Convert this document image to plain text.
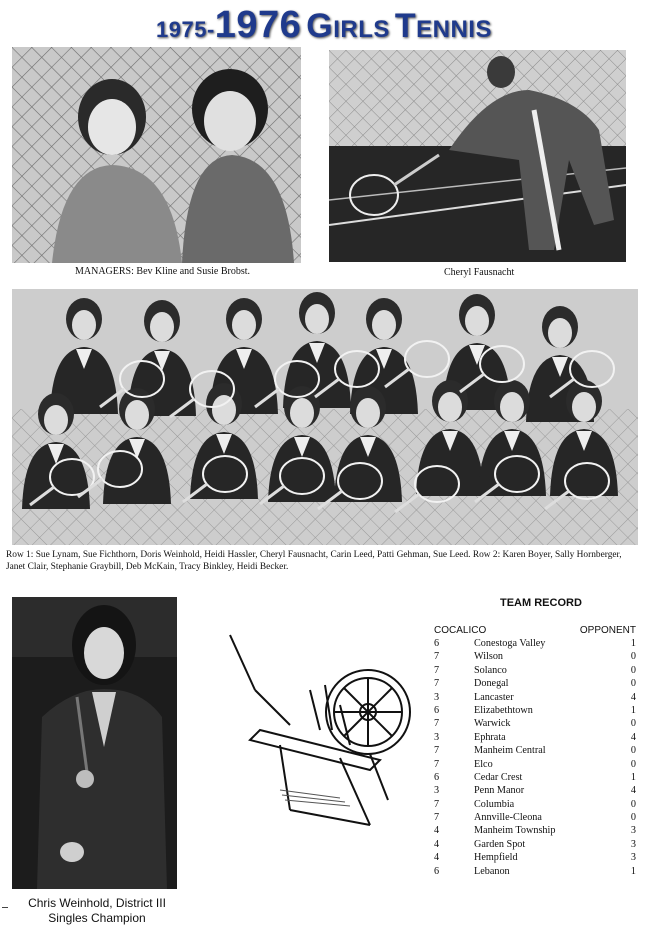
1975-1976 Girls Tennis
MANAGERS: Bev Kline and Susie Brobst.	Cheryl Fausnacht
Row 1: Sue Lynam, Sue Fichthorn, Doris Weinhold, Heidi Hassler, Cheryl Fausnacht, Carin Leed, Patti Gehman, Sue Leed. Row 2: Karen Boyer, Sally Hornberger, Janet Clair, Stephanie Graybill, Deb McKain, Tracy Binkley, Heidi Becker.
Chris Weinhold, District III Singles Champion
TEAM RECORD
COCALICO	OPPONENT
6	Conestoga Valley	1
7	Wilson	0
7	Solanco	0
7	Donegal	0
3	Lancaster	4
6	Elizabethtown	1
7	Warwick	0
3	Ephrata	4
7	Manheim Central	0
7	Elco	0
6	Cedar Crest	1
3	Penn Manor	4
7	Columbia	0
7	Annville-Cleona	0
4	Manheim Township	3
4	Garden Spot	3
4	Hempfield	3
6	Lebanon	1
